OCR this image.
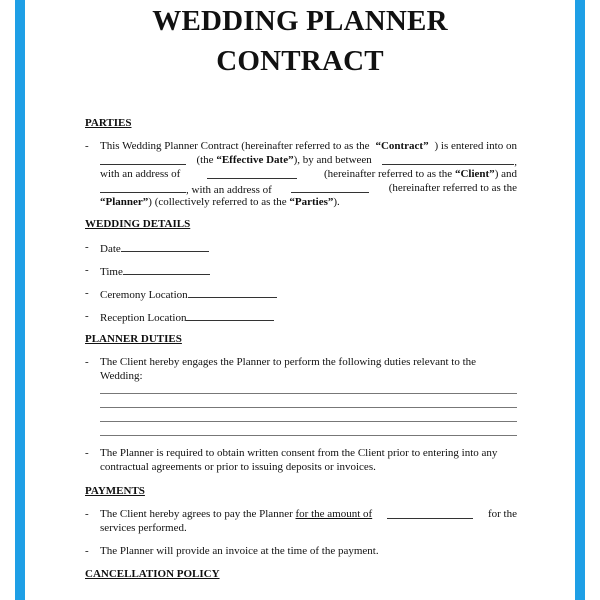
WEDDING PLANNER
CONTRACT
PARTIES
- This Wedding Planner Contract (hereinafter referred to as the “Contract” ) is entered into on
(the “Effective Date”), by and between	,
with an address of	(hereinafter referred to as the “Client”) and
, with an address of	(hereinafter referred to as the
“Planner”) (collectively referred to as the “Parties”).
WEDDING DETAILS
- Date
- Time
- Ceremony Location
- Reception Location
PLANNER DUTIES
- The Client hereby engages the Planner to perform the following duties relevant to the
Wedding:
- The Planner is required to obtain written consent from the Client prior to entering into any
contractual agreements or prior to issuing deposits or invoices.
PAYMENTS
- The Client hereby agrees to pay the Planner for the amount of	for the
services performed.
- The Planner will provide an invoice at the time of the payment.
CANCELLATION POLICY
